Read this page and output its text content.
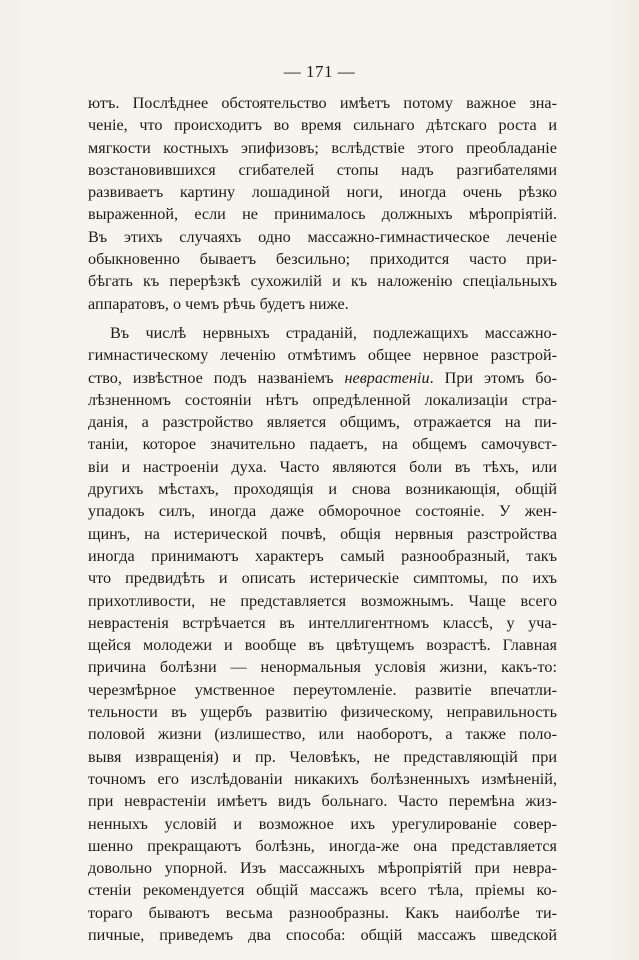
— 171 —
ютъ. Послѣднее обстоятельство имѣетъ потому важное зна-
ченіе, что происходитъ во время сильнаго дѣтскаго роста и
мягкости костныхъ эпифизовъ; вслѣдствіе этого преобладаніе
возстановившихся сгибателей стопы надъ разгибателями
развиваетъ картину лошадиной ноги, иногда очень рѣзко
выраженной, если не принималось должныхъ мѣропріятій.
Въ этихъ случаяхъ одно массажно-гимнастическое леченіе
обыкновенно бываетъ безсильно; приходится часто при-
бѣгать къ перерѣзкѣ сухожилій и къ наложенію спеціальныхъ
аппаратовъ, о чемъ рѣчь будетъ ниже.
Въ числѣ нервныхъ страданій, подлежащихъ массажно-
гимнастическому леченію отмѣтимъ общее нервное разстрой-
ство, извѣстное подъ названіемъ невpастеніи. При этомъ бо-
лѣзненномъ состояніи нѣтъ опредѣленной локализаціи стра-
данія, а разстройство является общимъ, отражается на пи-
таніи, которое значительно падаетъ, на общемъ самочувст-
віи и настроеніи духа. Часто являются боли въ тѣхъ, или
другихъ мѣстахъ, проходящія и снова возникающія, общій
упадокъ силъ, иногда даже обморочное состояніе. У жен-
щинъ, на истерической почвѣ, общія нервныя разстройства
иногда принимаютъ характеръ самый разнообразный, такъ
что предвидѣть и описать истерическіе симптомы, по ихъ
прихотливости, не представляется возможнымъ. Чаще всего
неврастенія встрѣчается въ интеллигентномъ классѣ, у уча-
щейся молодежи и вообще въ цвѣтущемъ возрастѣ. Главная
причина болѣзни — ненормальныя условія жизни, какъ-то:
черезмѣрное умственное переутомленіе. развитіе впечатли-
тельности въ ущербъ развитію физическому, неправильность
половой жизни (излишество, или наоборотъ, а также поло-
вывя извращенія) и пр. Человѣкъ, не представляющій при
точномъ его изслѣдованіи никакихъ болѣзненныхъ измѣненій,
при неврастеніи имѣетъ видъ больнаго. Часто перемѣна жиз-
ненныхъ условій и возможное ихъ урегулированіе совер-
шенно прекращаютъ болѣзнь, иногда-же она представляется
довольно упорной. Изъ массажныхъ мѣропріятій при невра-
стеніи рекомендуется общій массажъ всего тѣла, пріемы ко-
тораго бываютъ весьма разнообразны. Какъ наиболѣе ти-
пичные, приведемъ два способа: общій массажъ шведской
